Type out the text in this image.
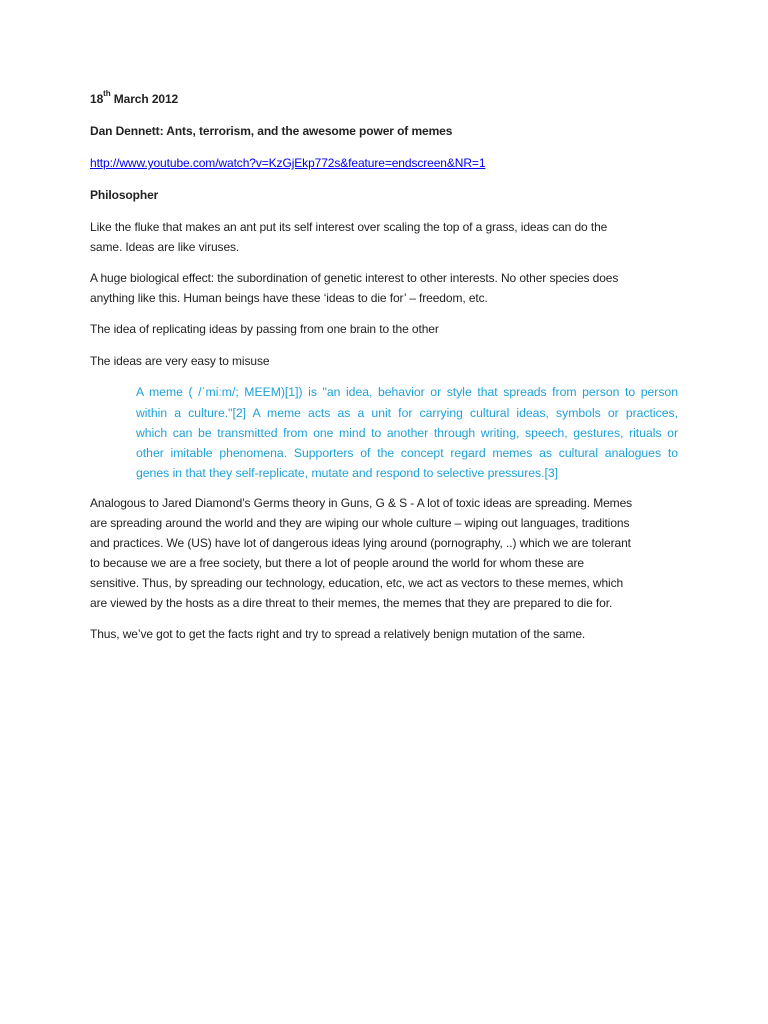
18th March 2012
Dan Dennett: Ants, terrorism, and the awesome power of memes
http://www.youtube.com/watch?v=KzGjEkp772s&feature=endscreen&NR=1
Philosopher
Like the fluke that makes an ant put its self interest over scaling the top of a grass, ideas can do the
same. Ideas are like viruses.
A huge biological effect: the subordination of genetic interest to other interests. No other species does
anything like this. Human beings have these ‘ideas to die for’ – freedom, etc.
The idea of replicating ideas by passing from one brain to the other
The ideas are very easy to misuse
A meme ( /ˈmiːm/; MEEM)[1]) is "an idea, behavior or style that spreads from person to person
within a culture."[2] A meme acts as a unit for carrying cultural ideas, symbols or practices,
which can be transmitted from one mind to another through writing, speech, gestures, rituals or
other imitable phenomena. Supporters of the concept regard memes as cultural analogues to
genes in that they self-replicate, mutate and respond to selective pressures.[3]
Analogous to Jared Diamond’s Germs theory in Guns, G & S - A lot of toxic ideas are spreading. Memes
are spreading around the world and they are wiping our whole culture – wiping out languages, traditions
and practices. We (US) have lot of dangerous ideas lying around (pornography, ..) which we are tolerant
to because we are a free society, but there a lot of people around the world for whom these are
sensitive. Thus, by spreading our technology, education, etc, we act as vectors to these memes, which
are viewed by the hosts as a dire threat to their memes, the memes that they are prepared to die for.
Thus, we’ve got to get the facts right and try to spread a relatively benign mutation of the same.
